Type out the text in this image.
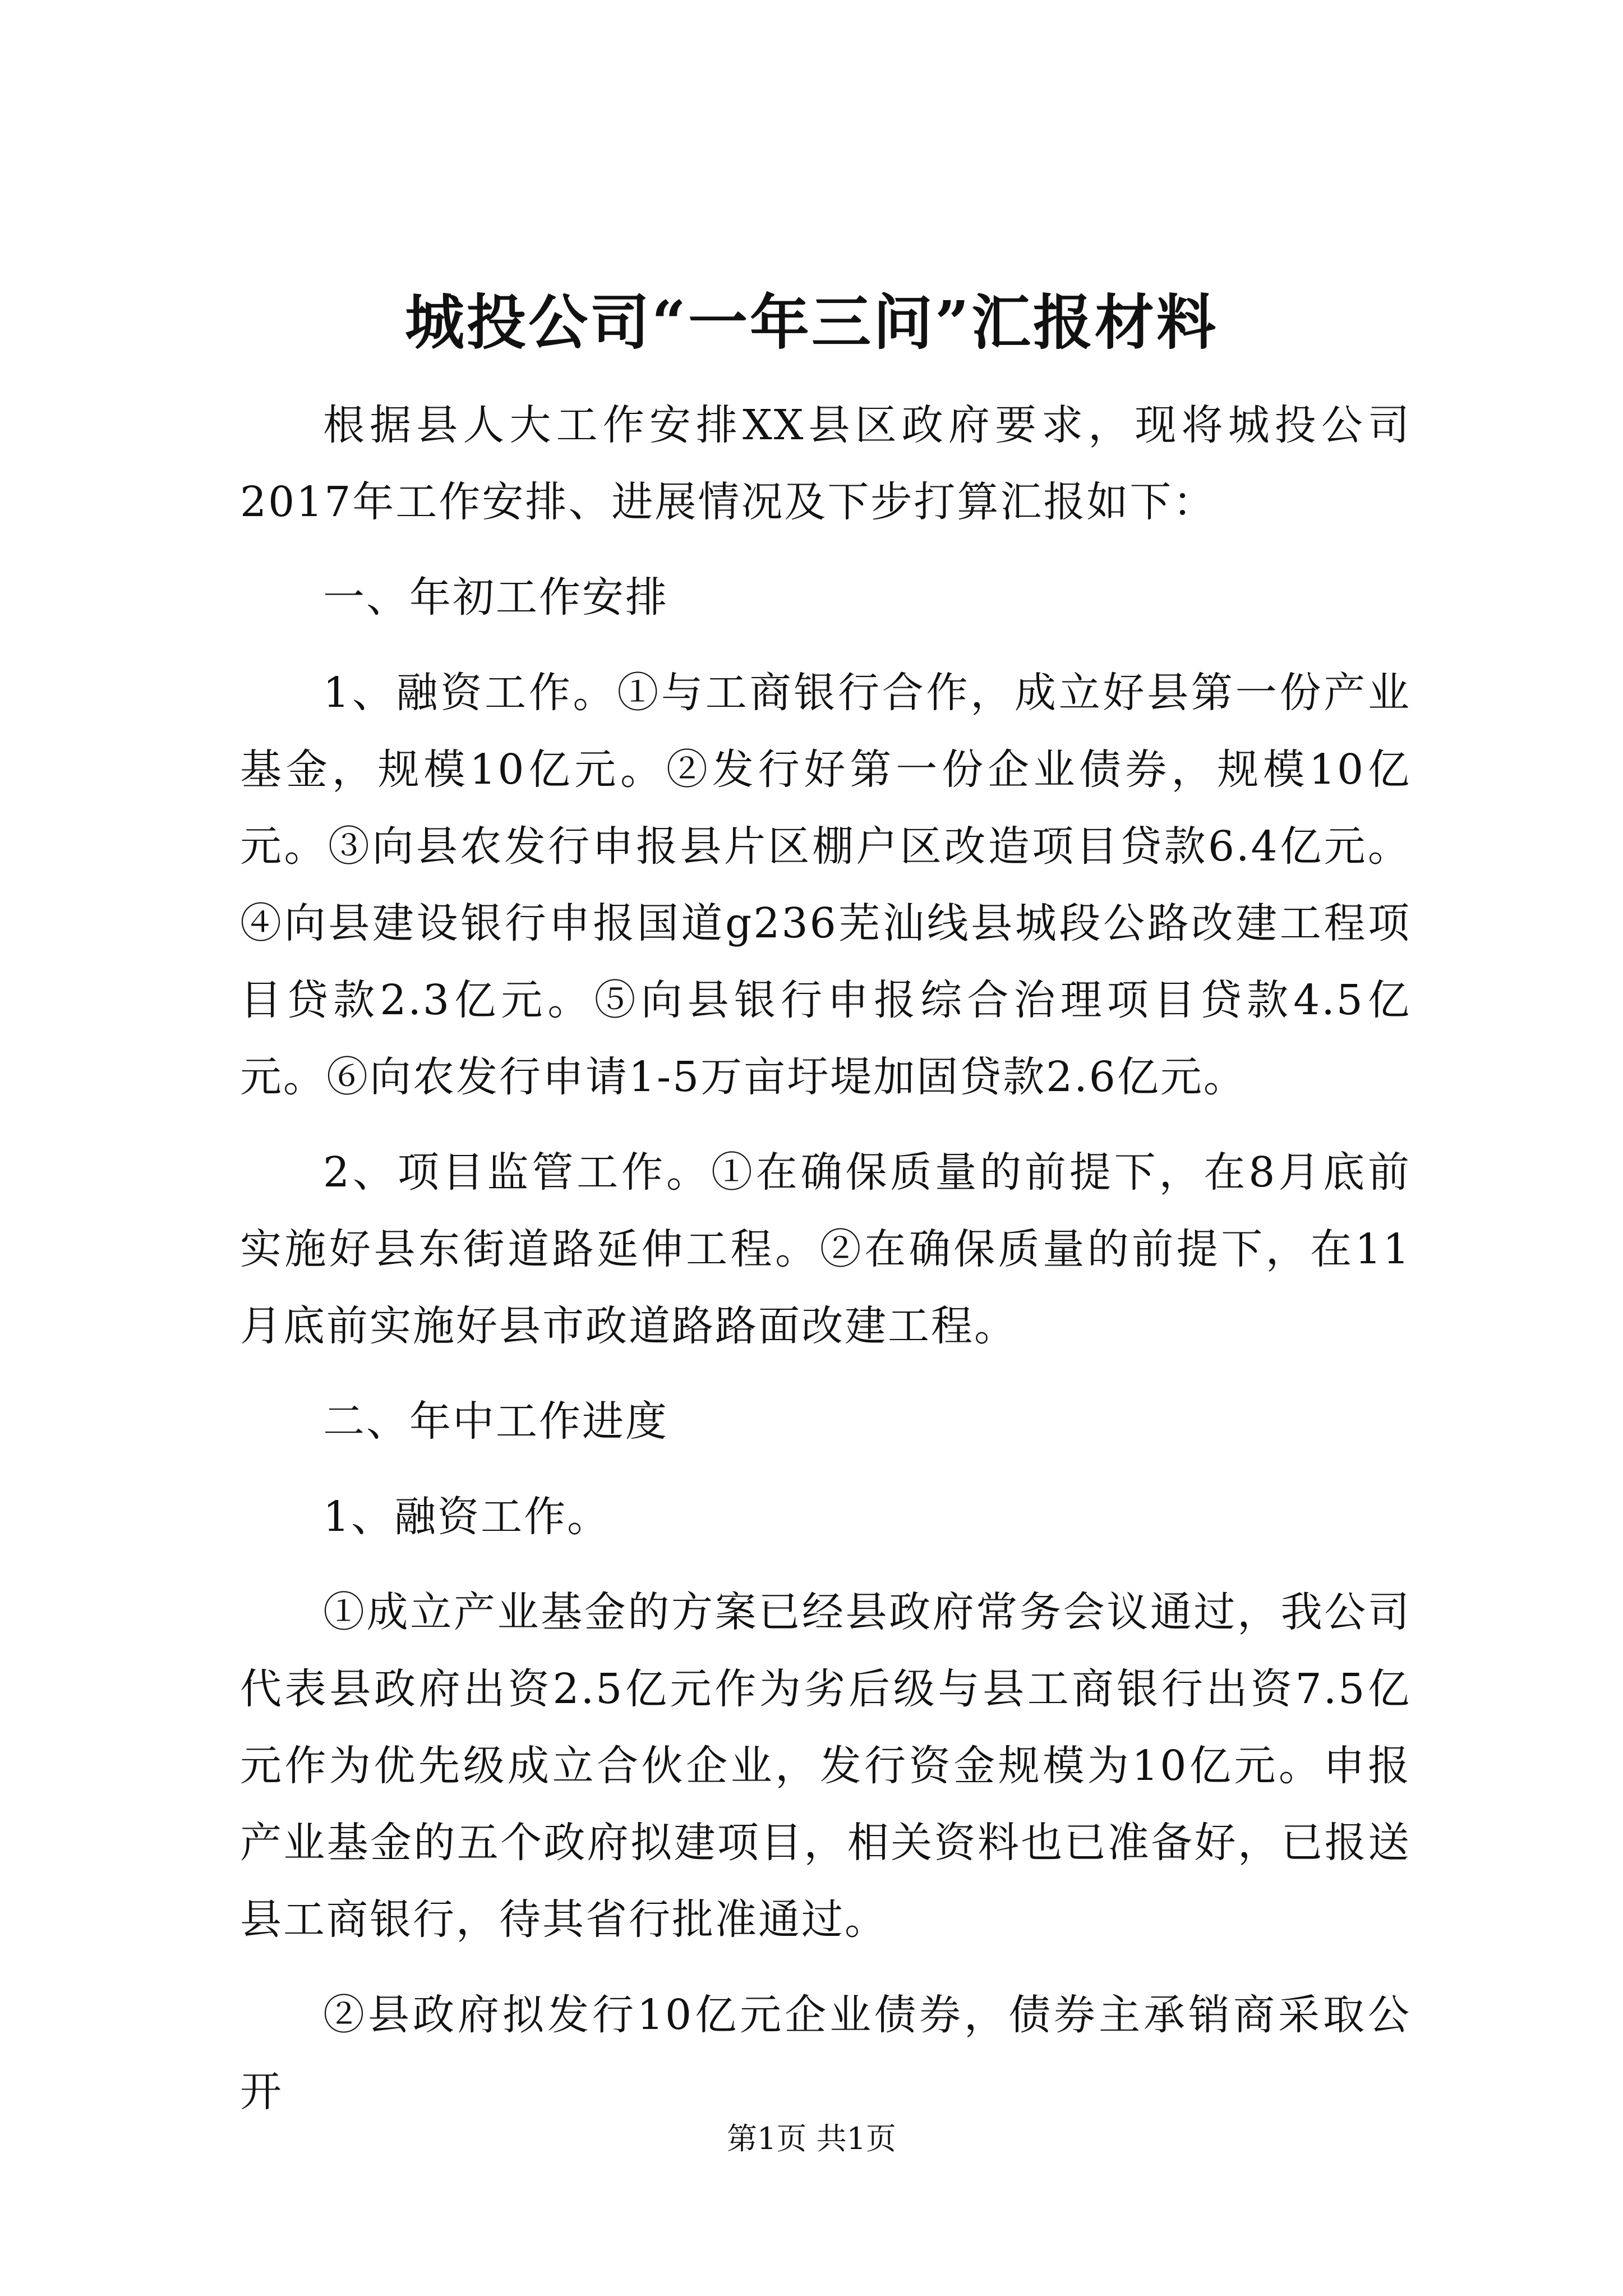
城投公司“一年三问”汇报材料

根据县人大工作安排XX县区政府要求，现将城投公司2017年工作安排、进展情况及下步打算汇报如下：

一、年初工作安排

1、融资工作。①与工商银行合作，成立好县第一份产业基金，规模10亿元。②发行好第一份企业债券，规模10亿元。③向县农发行申报县片区棚户区改造项目贷款6.4亿元。④向县建设银行申报国道g236芜汕线县城段公路改建工程项目贷款2.3亿元。⑤向县银行申报综合治理项目贷款4.5亿元。⑥向农发行申请1-5万亩圩堤加固贷款2.6亿元。

2、项目监管工作。①在确保质量的前提下，在8月底前实施好县东街道路延伸工程。②在确保质量的前提下，在11月底前实施好县市政道路路面改建工程。

二、年中工作进度

1、融资工作。

①成立产业基金的方案已经县政府常务会议通过，我公司代表县政府出资2.5亿元作为劣后级与县工商银行出资7.5亿元作为优先级成立合伙企业，发行资金规模为10亿元。申报产业基金的五个政府拟建项目，相关资料也已准备好，已报送县工商银行，待其省行批准通过。

②县政府拟发行10亿元企业债券，债券主承销商采取公开

第1页 共1页
